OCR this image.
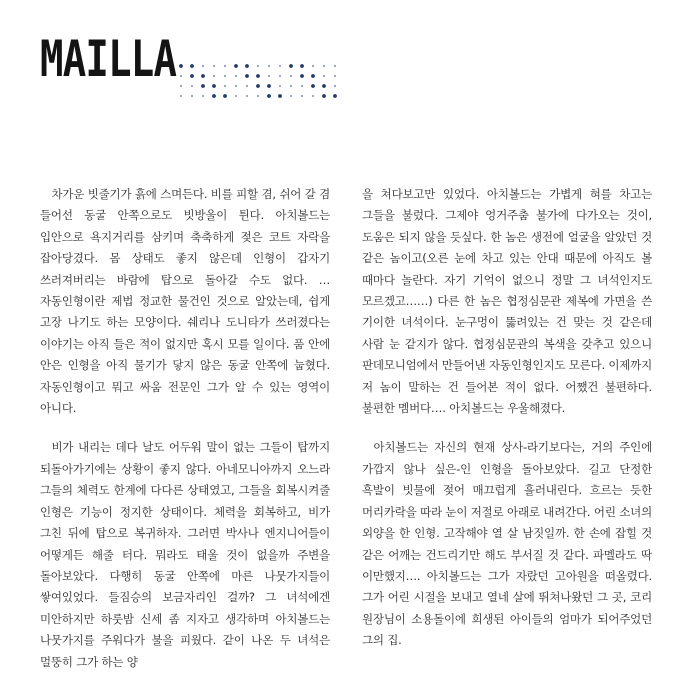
MAILLA

차가운 빗줄기가 흙에 스며든다. 비를 피할 겸, 쉬어 갈 겸 들어선 동굴 안쪽으로도 빗방울이 튄다. 아치볼드는 입안으로 욕지거리를 삼키며 축축하게 젖은 코트 자락을 잡아당겼다. 몸 상태도 좋지 않은데 인형이 갑자기 쓰러져버리는 바람에 탑으로 돌아갈 수도 없다. …자동인형이란 제법 정교한 물건인 것으로 알았는데, 쉽게 고장 나기도 하는 모양이다. 쉐리나 도니타가 쓰러졌다는 이야기는 아직 들은 적이 없지만 혹시 모를 일이다. 품 안에 안은 인형을 아직 물기가 닿지 않은 동굴 안쪽에 눕혔다. 자동인형이고 뭐고 싸움 전문인 그가 알 수 있는 영역이 아니다.

비가 내리는 데다 날도 어두워 말이 없는 그들이 탑까지 되돌아가기에는 상황이 좋지 않다. 아네모니아까지 오느라 그들의 체력도 한계에 다다른 상태였고, 그들을 회복시켜줄 인형은 기능이 정지한 상태이다. 체력을 회복하고, 비가 그친 뒤에 탑으로 복귀하자. 그러면 박사나 엔지니어들이 어떻게든 해줄 터다. 뭐라도 태울 것이 없을까 주변을 돌아보았다. 다행히 동굴 안쪽에 마른 나뭇가지들이 쌓여있었다. 들짐승의 보금자리인 걸까? 그 녀석에겐 미안하지만 하룻밤 신세 좀 지자고 생각하며 아치볼드는 나뭇가지를 주워다가 불을 피웠다. 같이 나온 두 녀석은 멀뚱히 그가 하는 양

을 쳐다보고만 있었다. 아치볼드는 가볍게 혀를 차고는 그들을 불렀다. 그제야 엉거주춤 불가에 다가오는 것이, 도움은 되지 않을 듯싶다. 한 놈은 생전에 얼굴을 알았던 것 같은 놈이고(오른 눈에 차고 있는 안대 때문에 아직도 볼 때마다 놀란다. 자기 기억이 없으니 정말 그 녀석인지도 모르겠고……) 다른 한 놈은 협정심문관 제복에 가면을 쓴 기이한 녀석이다. 눈구멍이 뚫려있는 건 맞는 것 같은데 사람 눈 같지가 않다. 협정심문관의 복색을 갖추고 있으니 판데모니엄에서 만들어낸 자동인형인지도 모른다. 이제까지 저 놈이 말하는 건 들어본 적이 없다. 어쨌건 불편하다. 불편한 멤버다…. 아치볼드는 우울해졌다.

아치볼드는 자신의 현재 상사-라기보다는, 거의 주인에 가깝지 않나 싶은-인 인형을 돌아보았다. 길고 단정한 흑발이 빗물에 젖어 매끄럽게 흘러내린다. 흐르는 듯한 머리카락을 따라 눈이 저절로 아래로 내려간다. 어린 소녀의 외양을 한 인형. 고작해야 열 살 남짓일까. 한 손에 잡힐 것 같은 어깨는 건드리기만 해도 부서질 것 같다. 파멜라도 딱 이만했지…. 아치볼드는 그가 자랐던 고아원을 떠올렸다. 그가 어린 시절을 보내고 열네 살에 뛰쳐나왔던 그 곳, 코리 원장님이 소용돌이에 희생된 아이들의 엄마가 되어주었던 그의 집.
